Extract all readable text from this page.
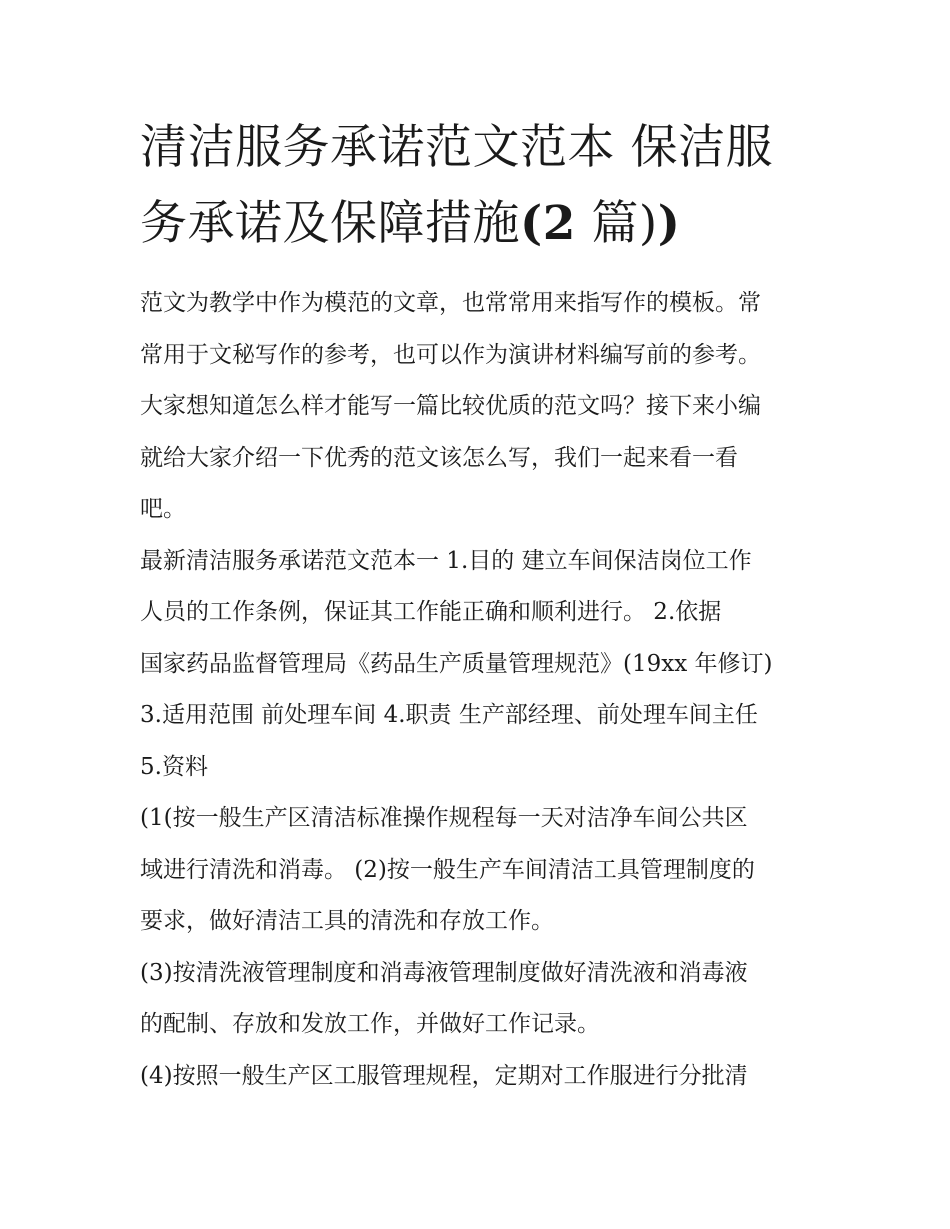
清洁服务承诺范文范本 保洁服
务承诺及保障措施(2 篇))

范文为教学中作为模范的文章，也常常用来指写作的模板。常
常用于文秘写作的参考，也可以作为演讲材料编写前的参考。
大家想知道怎么样才能写一篇比较优质的范文吗？接下来小编
就给大家介绍一下优秀的范文该怎么写，我们一起来看一看
吧。

最新清洁服务承诺范文范本一 1.目的 建立车间保洁岗位工作
人员的工作条例，保证其工作能正确和顺利进行。 2.依据
国家药品监督管理局《药品生产质量管理规范》(19xx 年修订)
3.适用范围 前处理车间 4.职责 生产部经理、前处理车间主任
5.资料

(1(按一般生产区清洁标准操作规程每一天对洁净车间公共区
域进行清洗和消毒。 (2)按一般生产车间清洁工具管理制度的
要求，做好清洁工具的清洗和存放工作。

(3)按清洗液管理制度和消毒液管理制度做好清洗液和消毒液
的配制、存放和发放工作，并做好工作记录。

(4)按照一般生产区工服管理规程，定期对工作服进行分批清
